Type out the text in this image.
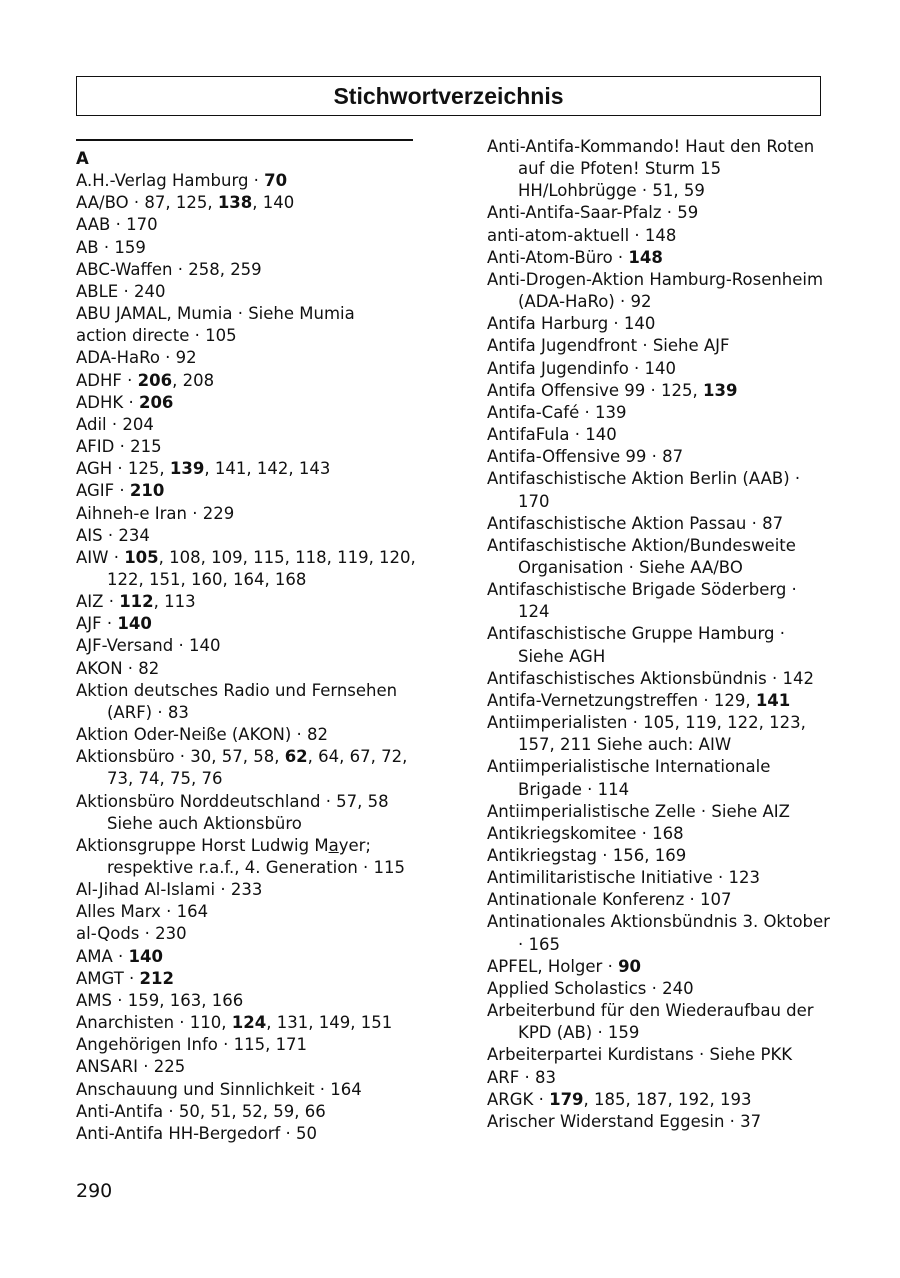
Stichwortverzeichnis
A
A.H.-Verlag Hamburg · 70
AA/BO · 87, 125, 138, 140
AAB · 170
AB · 159
ABC-Waffen · 258, 259
ABLE · 240
ABU JAMAL, Mumia · Siehe Mumia
action directe · 105
ADA-HaRo · 92
ADHF · 206, 208
ADHK · 206
Adil · 204
AFID · 215
AGH · 125, 139, 141, 142, 143
AGIF · 210
Aihneh-e Iran · 229
AIS · 234
AIW · 105, 108, 109, 115, 118, 119, 120, 122, 151, 160, 164, 168
AIZ · 112, 113
AJF · 140
AJF-Versand · 140
AKON · 82
Aktion deutsches Radio und Fernsehen (ARF) · 83
Aktion Oder-Neiße (AKON) · 82
Aktionsbüro · 30, 57, 58, 62, 64, 67, 72, 73, 74, 75, 76
Aktionsbüro Norddeutschland · 57, 58 Siehe auch Aktionsbüro
Aktionsgruppe Horst Ludwig Mayer; respektive r.a.f., 4. Generation · 115
Al-Jihad Al-Islami · 233
Alles Marx · 164
al-Qods · 230
AMA · 140
AMGT · 212
AMS · 159, 163, 166
Anarchisten · 110, 124, 131, 149, 151
Angehörigen Info · 115, 171
ANSARI · 225
Anschauung und Sinnlichkeit · 164
Anti-Antifa · 50, 51, 52, 59, 66
Anti-Antifa HH-Bergedorf · 50
Anti-Antifa-Kommando! Haut den Roten auf die Pfoten! Sturm 15 HH/Lohbrügge · 51, 59
Anti-Antifa-Saar-Pfalz · 59
anti-atom-aktuell · 148
Anti-Atom-Büro · 148
Anti-Drogen-Aktion Hamburg-Rosenheim (ADA-HaRo) · 92
Antifa Harburg · 140
Antifa Jugendfront · Siehe AJF
Antifa Jugendinfo · 140
Antifa Offensive 99 · 125, 139
Antifa-Café · 139
AntifaFula · 140
Antifa-Offensive 99 · 87
Antifaschistische Aktion Berlin (AAB) · 170
Antifaschistische Aktion Passau · 87
Antifaschistische Aktion/Bundesweite Organisation · Siehe AA/BO
Antifaschistische Brigade Söderberg · 124
Antifaschistische Gruppe Hamburg · Siehe AGH
Antifaschistisches Aktionsbündnis · 142
Antifa-Vernetzungstreffen · 129, 141
Antiimperialisten · 105, 119, 122, 123, 157, 211 Siehe auch: AIW
Antiimperialistische Internationale Brigade · 114
Antiimperialistische Zelle · Siehe AIZ
Antikriegskomitee · 168
Antikriegstag · 156, 169
Antimilitaristische Initiative · 123
Antinationale Konferenz · 107
Antinationales Aktionsbündnis 3. Oktober · 165
APFEL, Holger · 90
Applied Scholastics · 240
Arbeiterbund für den Wiederaufbau der KPD (AB) · 159
Arbeiterpartei Kurdistans · Siehe PKK
ARF · 83
ARGK · 179, 185, 187, 192, 193
Arischer Widerstand Eggesin · 37
290
